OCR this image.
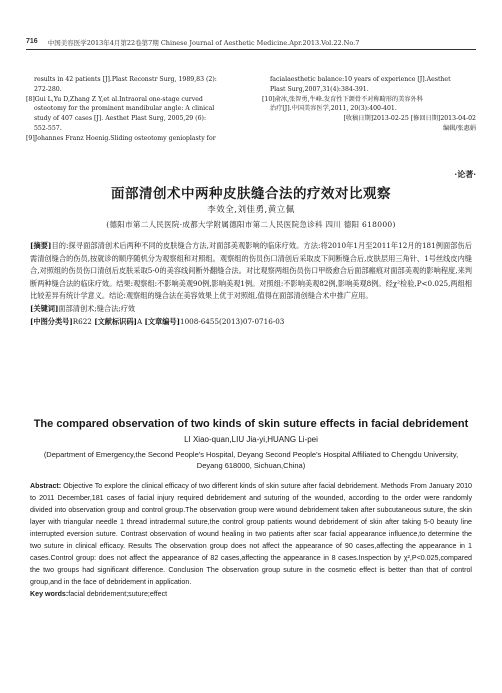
716 中国美容医学2013年4月第22卷第7期 Chinese Journal of Aesthetic Medicine.Apr.2013.Vol.22.No.7

results in 42 patients [J].Plast Reconstr Surg, 1989,83 (2):

272-280.

[8]Gui L,Yu D,Zhang Z Y,et al.Intraoral one-stage curved

osteotomy for the prominent mandibular angle: A clinical

study of 407 cases [J]. Aesthet Plast Surg, 2005,29 (6):

552-557.

[9]Johannes Franz Hoenig.Sliding osteotomy genioplasty for

facialaesthetic balance:10 years of experience [J].Aesthet

Plast Surg,2007,31(4):384-391.

[10]俞冰,张智勇,牛峰.发育性下颌骨不对称畸形的美容外科

治疗[J].中国美容医学,2011, 20(3):400-401.

[收稿日期]2013-02-25 [修回日期]2013-04-02

编辑/张惠娟

·论著·
面部清创术中两种皮肤缝合法的疗效对比观察
李效全,刘佳勇,黄立佩
(德阳市第二人民医院·成都大学附属德阳市第二人民医院急诊科 四川 德阳 618000)

[摘要]目的:探寻面部清创术后两种不同的皮肤缝合方法,对面部美观影响的临床疗效。方法:将2010年1月至2011年12月的181例面部伤后需清创缝合的伤员,按就诊的顺序随机分为观察组和对照组。观察组的伤员伤口清创后采取皮下间断缝合后,皮肤层用三角针、1号丝线皮内缝合,对照组的伤员伤口清创后皮肤采取5-0的美容线间断外翻缝合法。对比观察两组伤员伤口甲级愈合后面部瘢痕对面部美观的影响程度,来判断两种缝合法的临床疗效。结果:观察组:不影响美观90例,影响美观1例。对照组:不影响美观82例,影响美观8例。经χ²检验,P<0.025,两组相比较差异有统计学意义。结论:观察组的缝合法在美容效果上优于对照组,值得在面部清创缝合术中推广应用。

[关键词]面部清创术;缝合法;疗效

[中图分类号]R622 [文献标识码]A [文章编号]1008-6455(2013)07-0716-03

The compared observation of two kinds of skin suture effects in facial debridement
LI Xiao-quan,LIU Jia-yi,HUANG Li-pei
(Department of Emergency,the Second People's Hospital, Deyang Second People's Hospital Affiliated to Chengdu University, Deyang 618000, Sichuan,China)

Abstract: Objective To explore the clinical efficacy of two different kinds of skin suture after facial debridement. Methods From January 2010 to 2011 December,181 cases of facial injury required debridement and suturing of the wounded, according to the order were randomly divided into observation group and control group.The observation group were wound debridement taken after subcutaneous suture, the skin layer with triangular needle 1 thread intradermal suture,the control group patients wound debridement of skin after taking 5-0 beauty line interrupted eversion suture. Contrast observation of wound healing in two patients after scar facial appearance influence,to determine the two suture in clinical efficacy. Results The observation group does not affect the appearance of 90 cases,affecting the appearance in 1 cases.Control group: does not affect the appearance of 82 cases,affecting the appearance in 8 cases.Inspection by χ²,P<0.025,compared the two groups had significant difference. Conclusion The observation group suture in the cosmetic effect is better than that of control group,and in the face of debridement in application.

Key words:facial debridement;suture;effect
